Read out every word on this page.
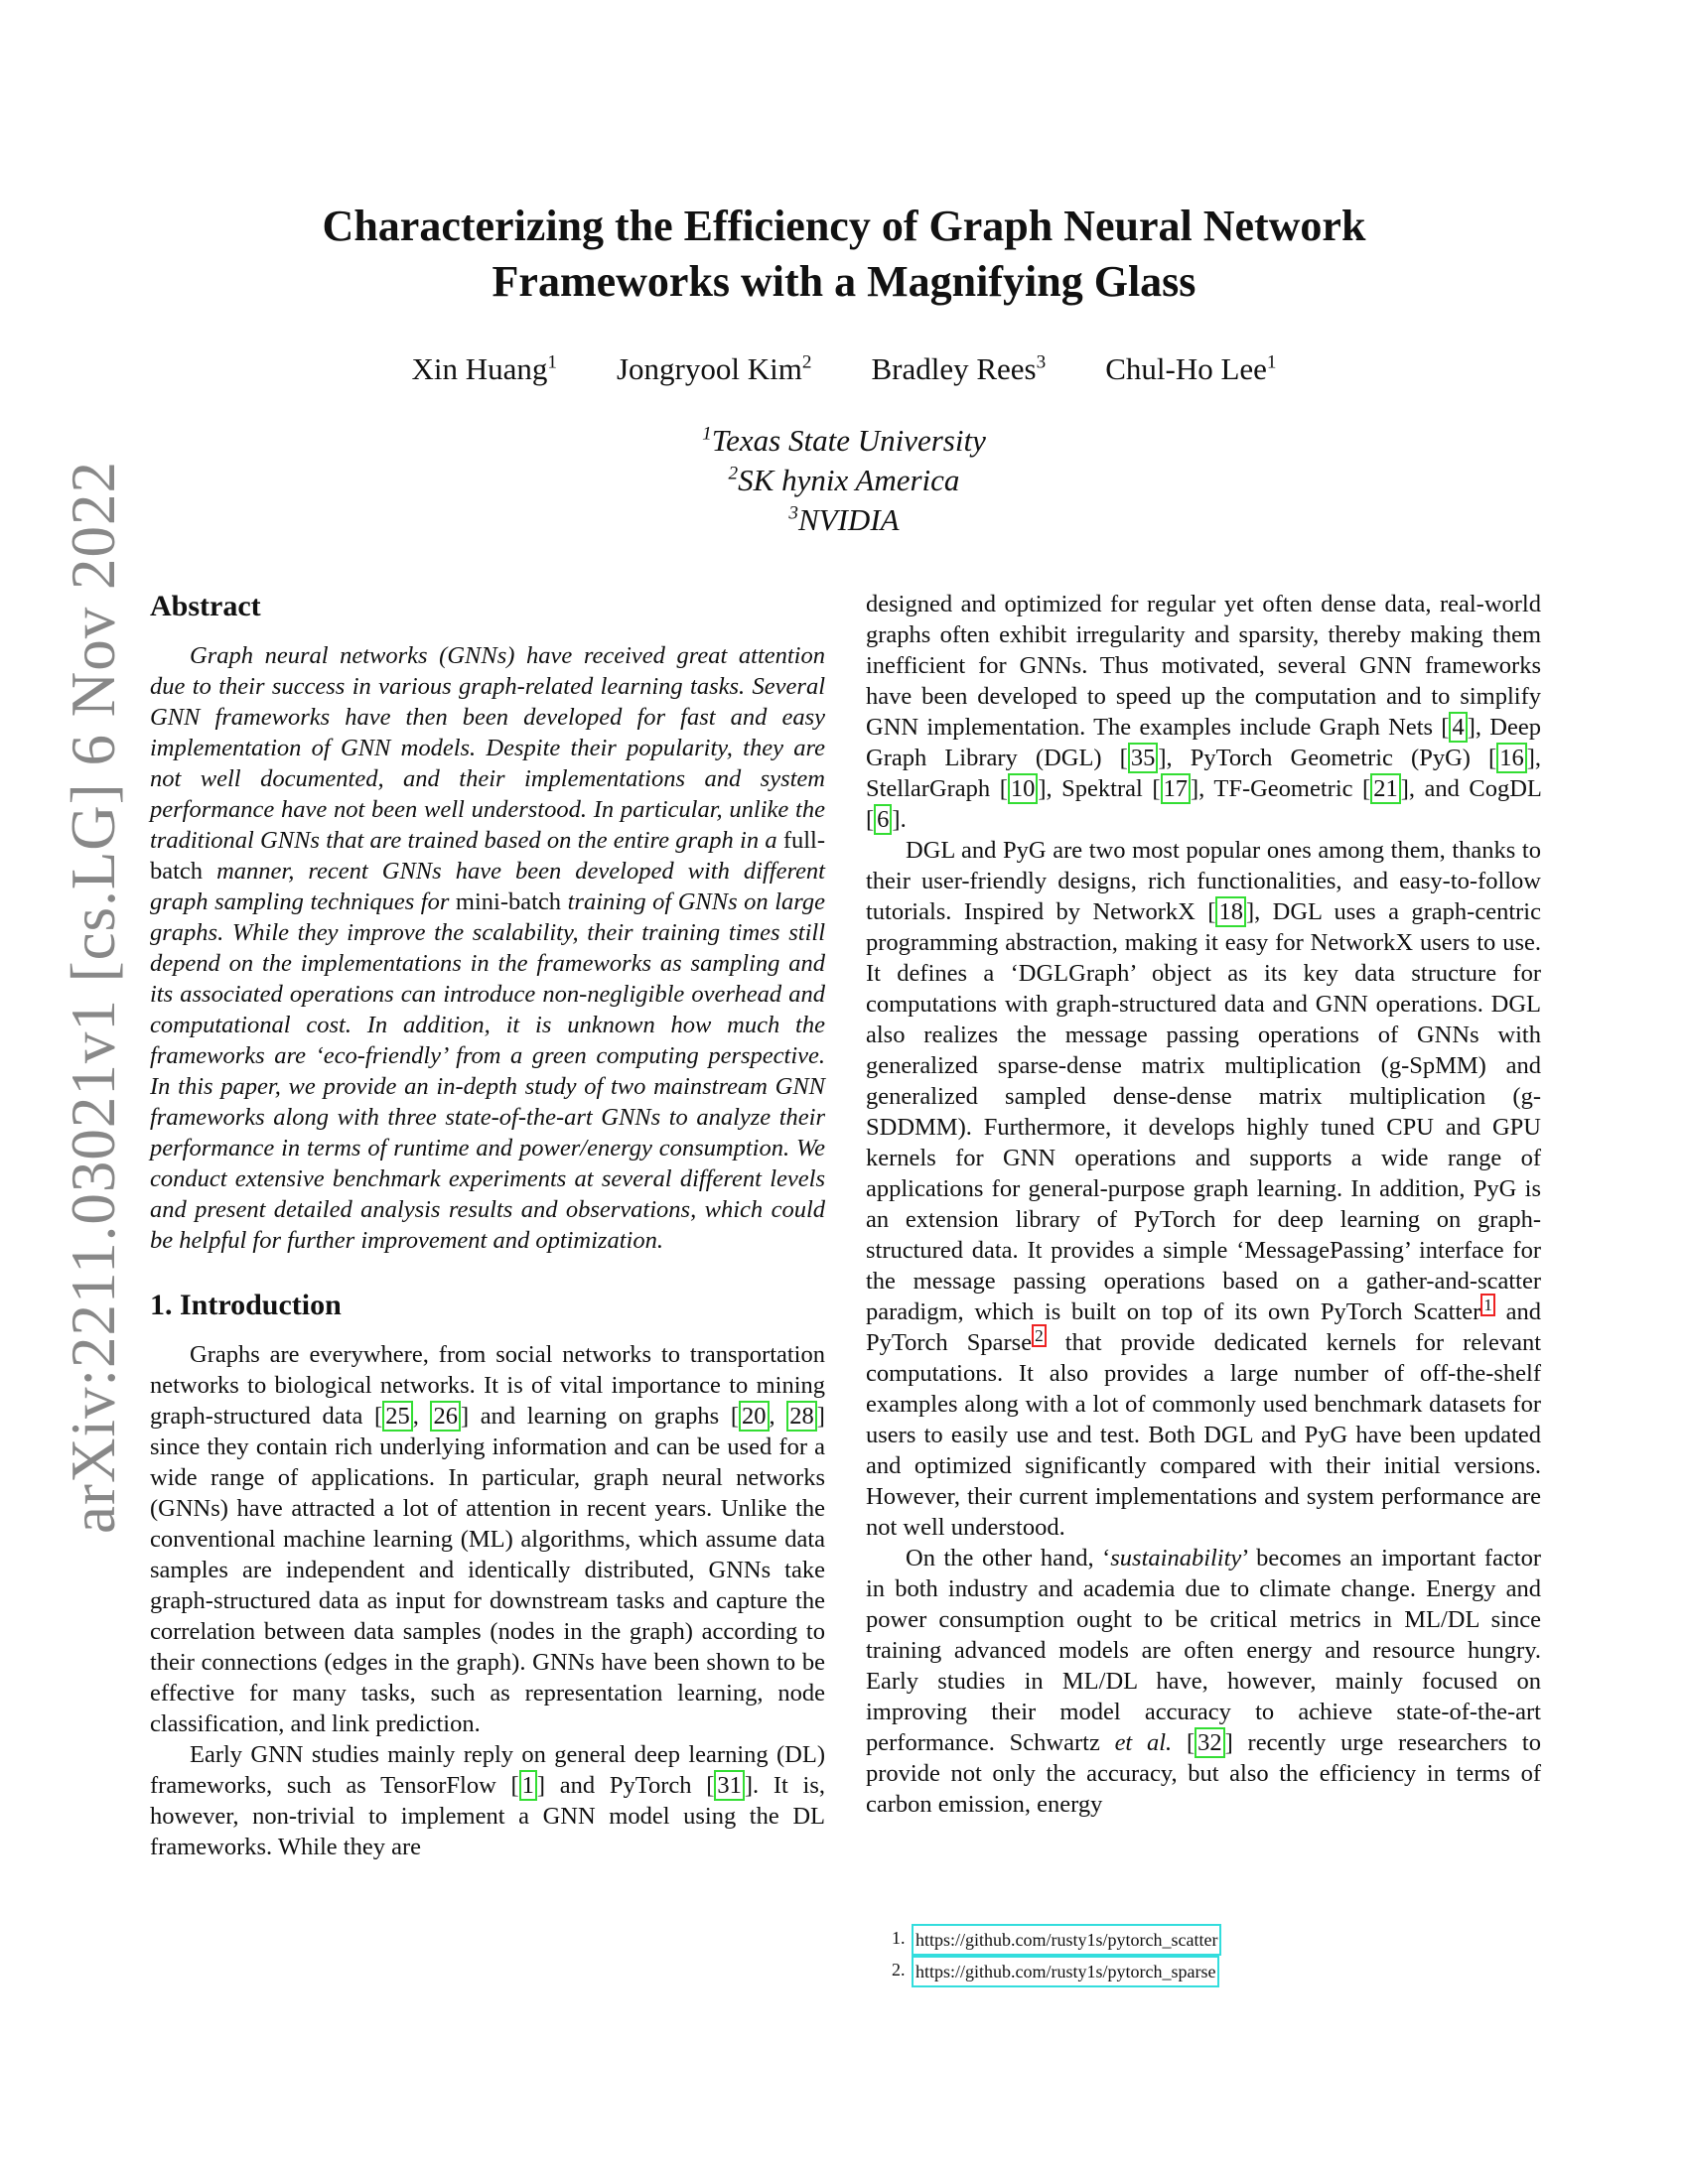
Characterizing the Efficiency of Graph Neural Network
Frameworks with a Magnifying Glass
Xin Huang$^1$ Jongryool Kim$^2$ Bradley Rees$^3$ Chul-Ho Lee$^1$
$^1$Texas State University
$^2$SK hynix America
$^3$NVIDIA
arXiv:2211.03021v1 [cs.LG] 6 Nov 2022 Abstract

Graph neural networks (GNNs) have received great attention due to their success in various graph-related learning tasks. Several GNN frameworks have then been developed for fast and easy implementation of GNN models. Despite their popularity, they are not well documented, and their implementations and system performance have not been well understood. In particular, unlike the traditional GNNs that are trained based on the entire graph in a full-batch manner, recent GNNs have been developed with different graph sampling techniques for mini-batch training of GNNs on large graphs. While they improve the scalability, their training times still depend on the implementations in the frameworks as sampling and its associated operations can introduce non-negligible overhead and computational cost. In addition, it is unknown how much the frameworks are ‘eco-friendly’ from a green computing perspective. In this paper, we provide an in-depth study of two mainstream GNN frameworks along with three state-of-the-art GNNs to analyze their performance in terms of runtime and power/energy consumption. We conduct extensive benchmark experiments at several different levels and present detailed analysis results and observations, which could be helpful for further improvement and optimization.

1. Introduction

Graphs are everywhere, from social networks to transportation networks to biological networks. It is of vital importance to mining graph-structured data [ 25 , 26 ] and learning on graphs [ 20 , 28 ] since they contain rich underlying information and can be used for a wide range of applications. In particular, graph neural networks (GNNs) have attracted a lot of attention in recent years. Unlike the conventional machine learning (ML) algorithms, which assume data samples are independent and identically distributed, GNNs take graph-structured data as input for downstream tasks and capture the correlation between data samples (nodes in the graph) according to their connections (edges in the graph). GNNs have been shown to be effective for many tasks, such as representation learning, node classification, and link prediction.

Early GNN studies mainly reply on general deep learning (DL) frameworks, such as TensorFlow [ 1 ] and PyTorch [ 31 ]. It is, however, non-trivial to implement a GNN model using the DL frameworks. While they are

designed and optimized for regular yet often dense data, real-world graphs often exhibit irregularity and sparsity, thereby making them inefficient for GNNs. Thus motivated, several GNN frameworks have been developed to speed up the computation and to simplify GNN implementation. The examples include Graph Nets [ 4 ], Deep Graph Library (DGL) [ 35 ], PyTorch Geometric (PyG) [ 16 ], StellarGraph [ 10 ], Spektral [ 17 ], TF-Geometric [ 21 ], and CogDL [ 6 ].

DGL and PyG are two most popular ones among them, thanks to their user-friendly designs, rich functionalities, and easy-to-follow tutorials. Inspired by NetworkX [ 18 ], DGL uses a graph-centric programming abstraction, making it easy for NetworkX users to use. It defines a ‘DGLGraph’ object as its key data structure for computations with graph-structured data and GNN operations. DGL also realizes the message passing operations of GNNs with generalized sparse-dense matrix multiplication (g-SpMM) and generalized sampled dense-dense matrix multiplication (g-SDDMM). Furthermore, it develops highly tuned CPU and GPU kernels for GNN operations and supports a wide range of applications for general-purpose graph learning. In addition, PyG is an extension library of PyTorch for deep learning on graph-structured data. It provides a simple ‘MessagePassing’ interface for the message passing operations based on a gather-and-scatter paradigm, which is built on top of its own PyTorch Scatter $^1$ and PyTorch Sparse $^2$ that provide dedicated kernels for relevant computations. It also provides a large number of off-the-shelf examples along with a lot of commonly used benchmark datasets for users to easily use and test. Both DGL and PyG have been updated and optimized significantly compared with their initial versions. However, their current implementations and system performance are not well understood.

On the other hand, ‘sustainability’ becomes an important factor in both industry and academia due to climate change. Energy and power consumption ought to be critical metrics in ML/DL since training advanced models are often energy and resource hungry. Early studies in ML/DL have, however, mainly focused on improving their model accuracy to achieve state-of-the-art performance. Schwartz et al. [ 32 ] recently urge researchers to provide not only the accuracy, but also the efficiency in terms of carbon emission, energy

1. https://github.com/rusty1s/pytorch_scatter
2. https://github.com/rusty1s/pytorch_sparse
